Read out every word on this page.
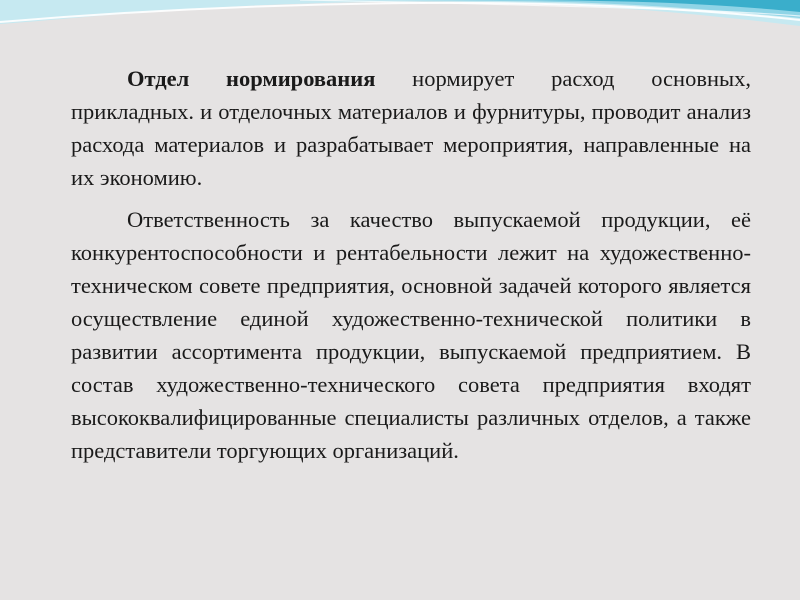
Отдел нормирования нормирует расход основных, прикладных. и отделочных материалов и фурнитуры, проводит анализ расхода материалов и разрабатывает мероприятия, направленные на их экономию.

Ответственность за качество выпускаемой продукции, её конкурентоспособности и рентабельности лежит на художественно-техническом совете предприятия, основной задачей которого является осуществление единой художественно-технической политики в развитии ассортимента продукции, выпускаемой предприятием. В состав художественно-технического совета предприятия входят высококвалифицированные специалисты различных отделов, а также представители торгующих организаций.
